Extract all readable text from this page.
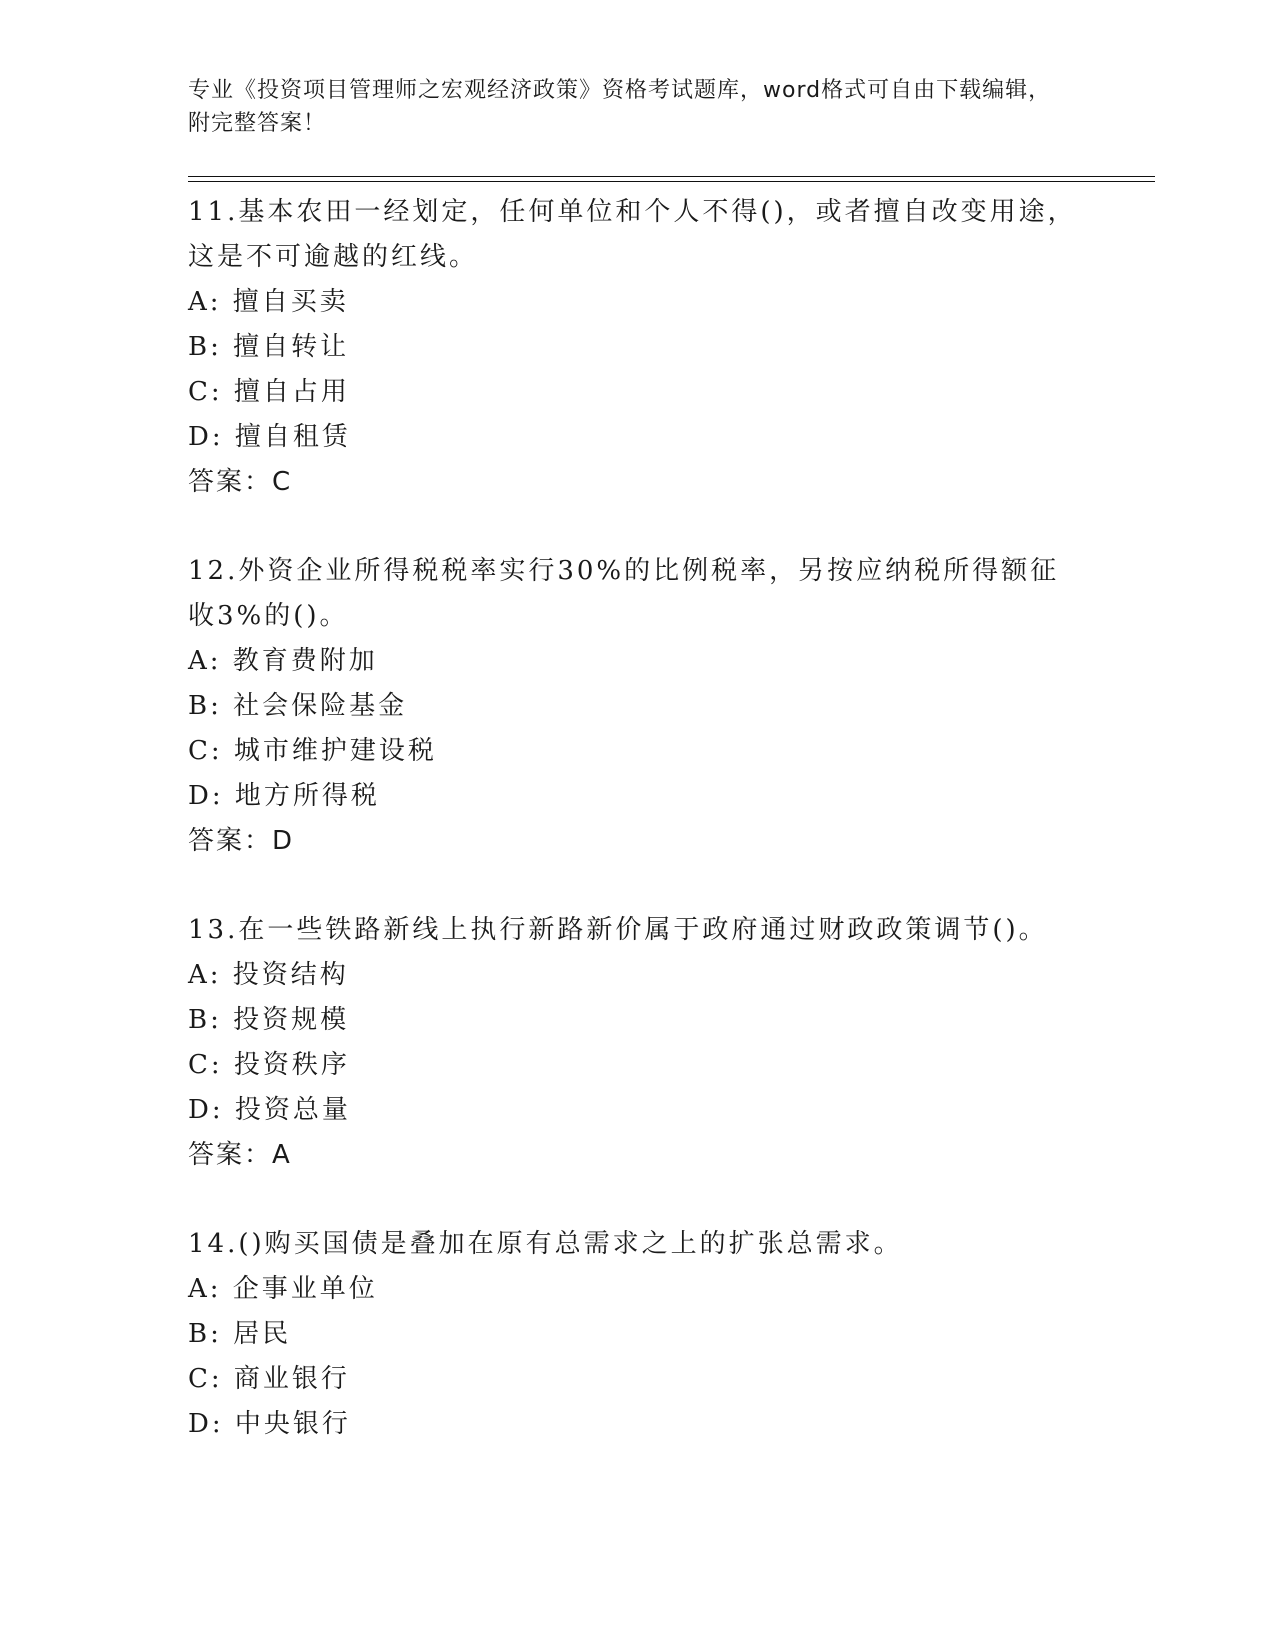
专业《投资项目管理师之宏观经济政策》资格考试题库，word格式可自由下载编辑，附完整答案！

11.基本农田一经划定，任何单位和个人不得()，或者擅自改变用途，这是不可逾越的红线。

A: 擅自买卖

B: 擅自转让

C: 擅自占用

D: 擅自租赁

答案：C

12.外资企业所得税税率实行30%的比例税率，另按应纳税所得额征收3%的()。

A: 教育费附加

B: 社会保险基金

C: 城市维护建设税

D: 地方所得税

答案：D

13.在一些铁路新线上执行新路新价属于政府通过财政政策调节()。

A: 投资结构

B: 投资规模

C: 投资秩序

D: 投资总量

答案：A

14.()购买国债是叠加在原有总需求之上的扩张总需求。

A: 企事业单位

B: 居民

C: 商业银行

D: 中央银行
